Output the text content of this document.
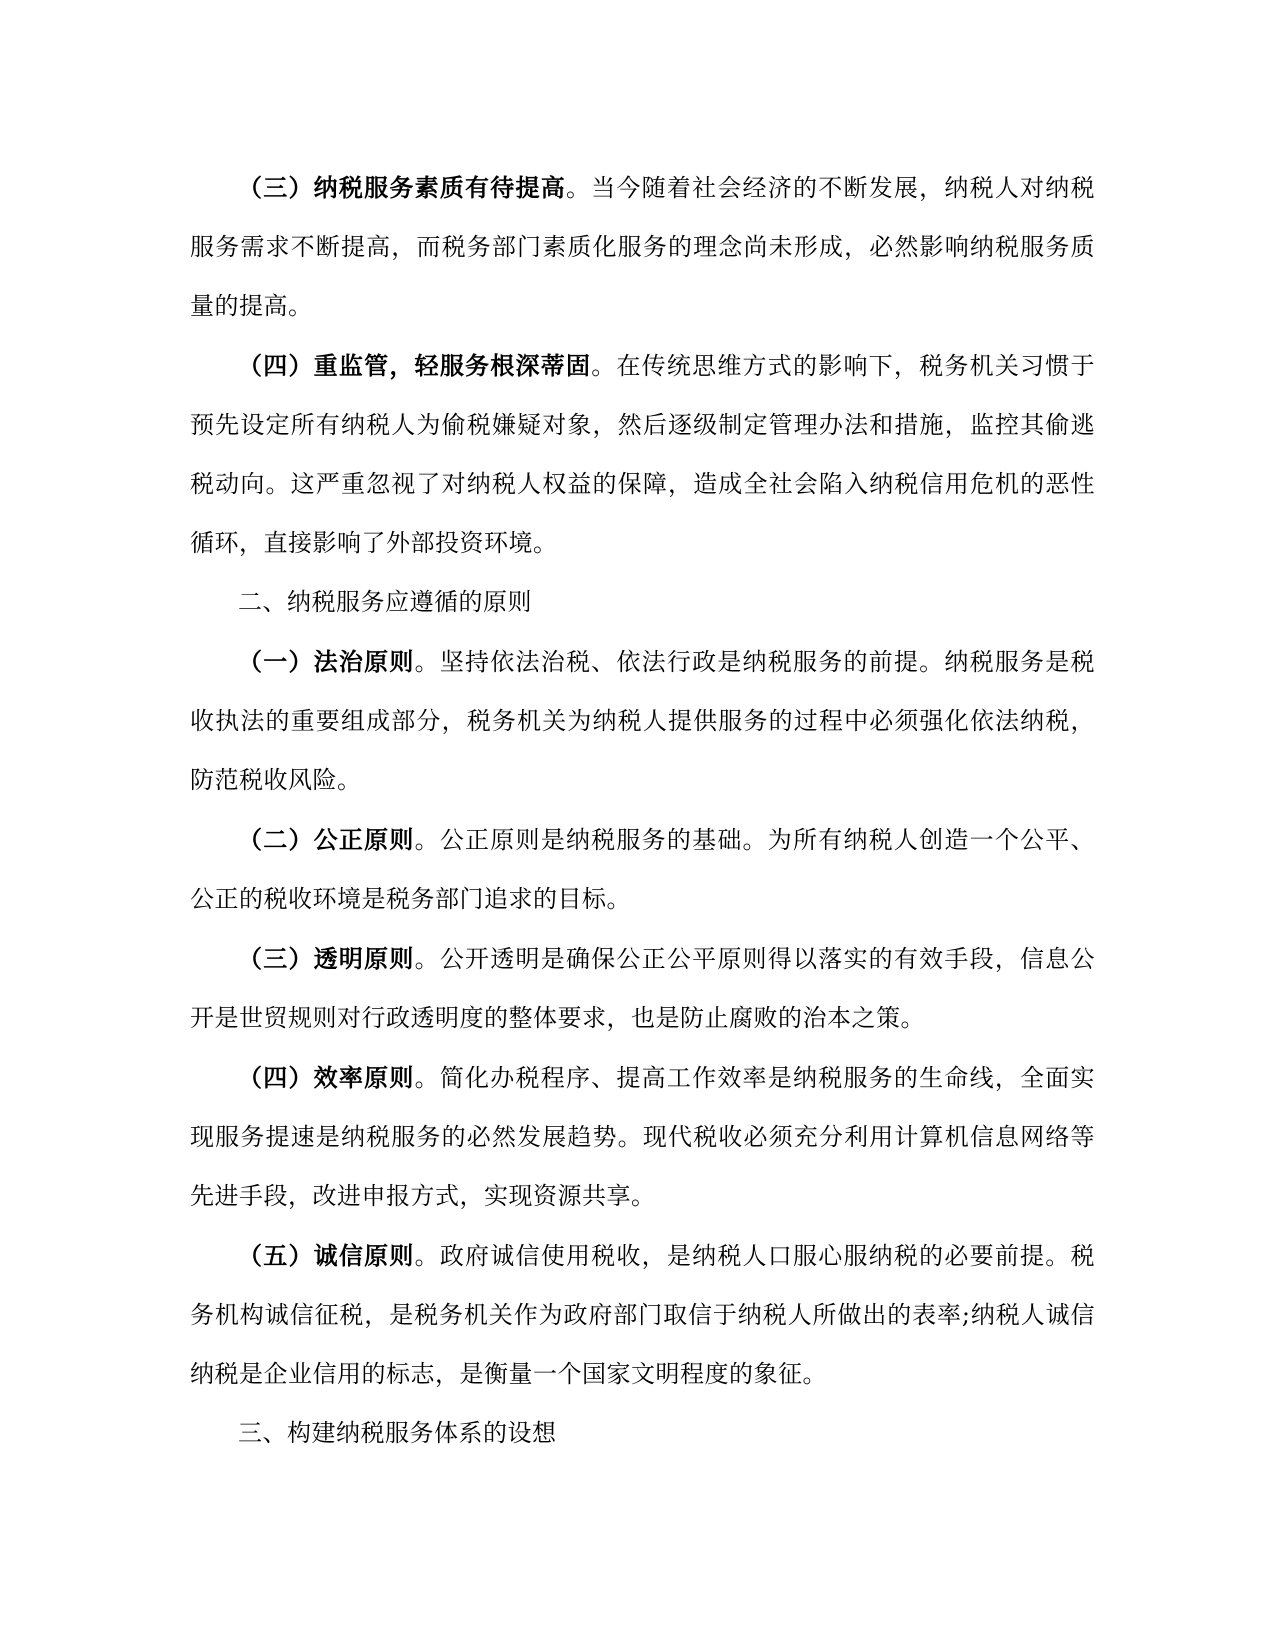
（三）纳税服务素质有待提高。当今随着社会经济的不断发展，纳税人对纳税服务需求不断提高，而税务部门素质化服务的理念尚未形成，必然影响纳税服务质量的提高。

（四）重监管，轻服务根深蒂固。在传统思维方式的影响下，税务机关习惯于预先设定所有纳税人为偷税嫌疑对象，然后逐级制定管理办法和措施，监控其偷逃税动向。这严重忽视了对纳税人权益的保障，造成全社会陷入纳税信用危机的恶性循环，直接影响了外部投资环境。

二、纳税服务应遵循的原则

（一）法治原则。坚持依法治税、依法行政是纳税服务的前提。纳税服务是税收执法的重要组成部分，税务机关为纳税人提供服务的过程中必须强化依法纳税，防范税收风险。

（二）公正原则。公正原则是纳税服务的基础。为所有纳税人创造一个公平、公正的税收环境是税务部门追求的目标。

（三）透明原则。公开透明是确保公正公平原则得以落实的有效手段，信息公开是世贸规则对行政透明度的整体要求，也是防止腐败的治本之策。

（四）效率原则。简化办税程序、提高工作效率是纳税服务的生命线，全面实现服务提速是纳税服务的必然发展趋势。现代税收必须充分利用计算机信息网络等先进手段，改进申报方式，实现资源共享。

（五）诚信原则。政府诚信使用税收，是纳税人口服心服纳税的必要前提。税务机构诚信征税，是税务机关作为政府部门取信于纳税人所做出的表率;纳税人诚信纳税是企业信用的标志，是衡量一个国家文明程度的象征。

三、构建纳税服务体系的设想
